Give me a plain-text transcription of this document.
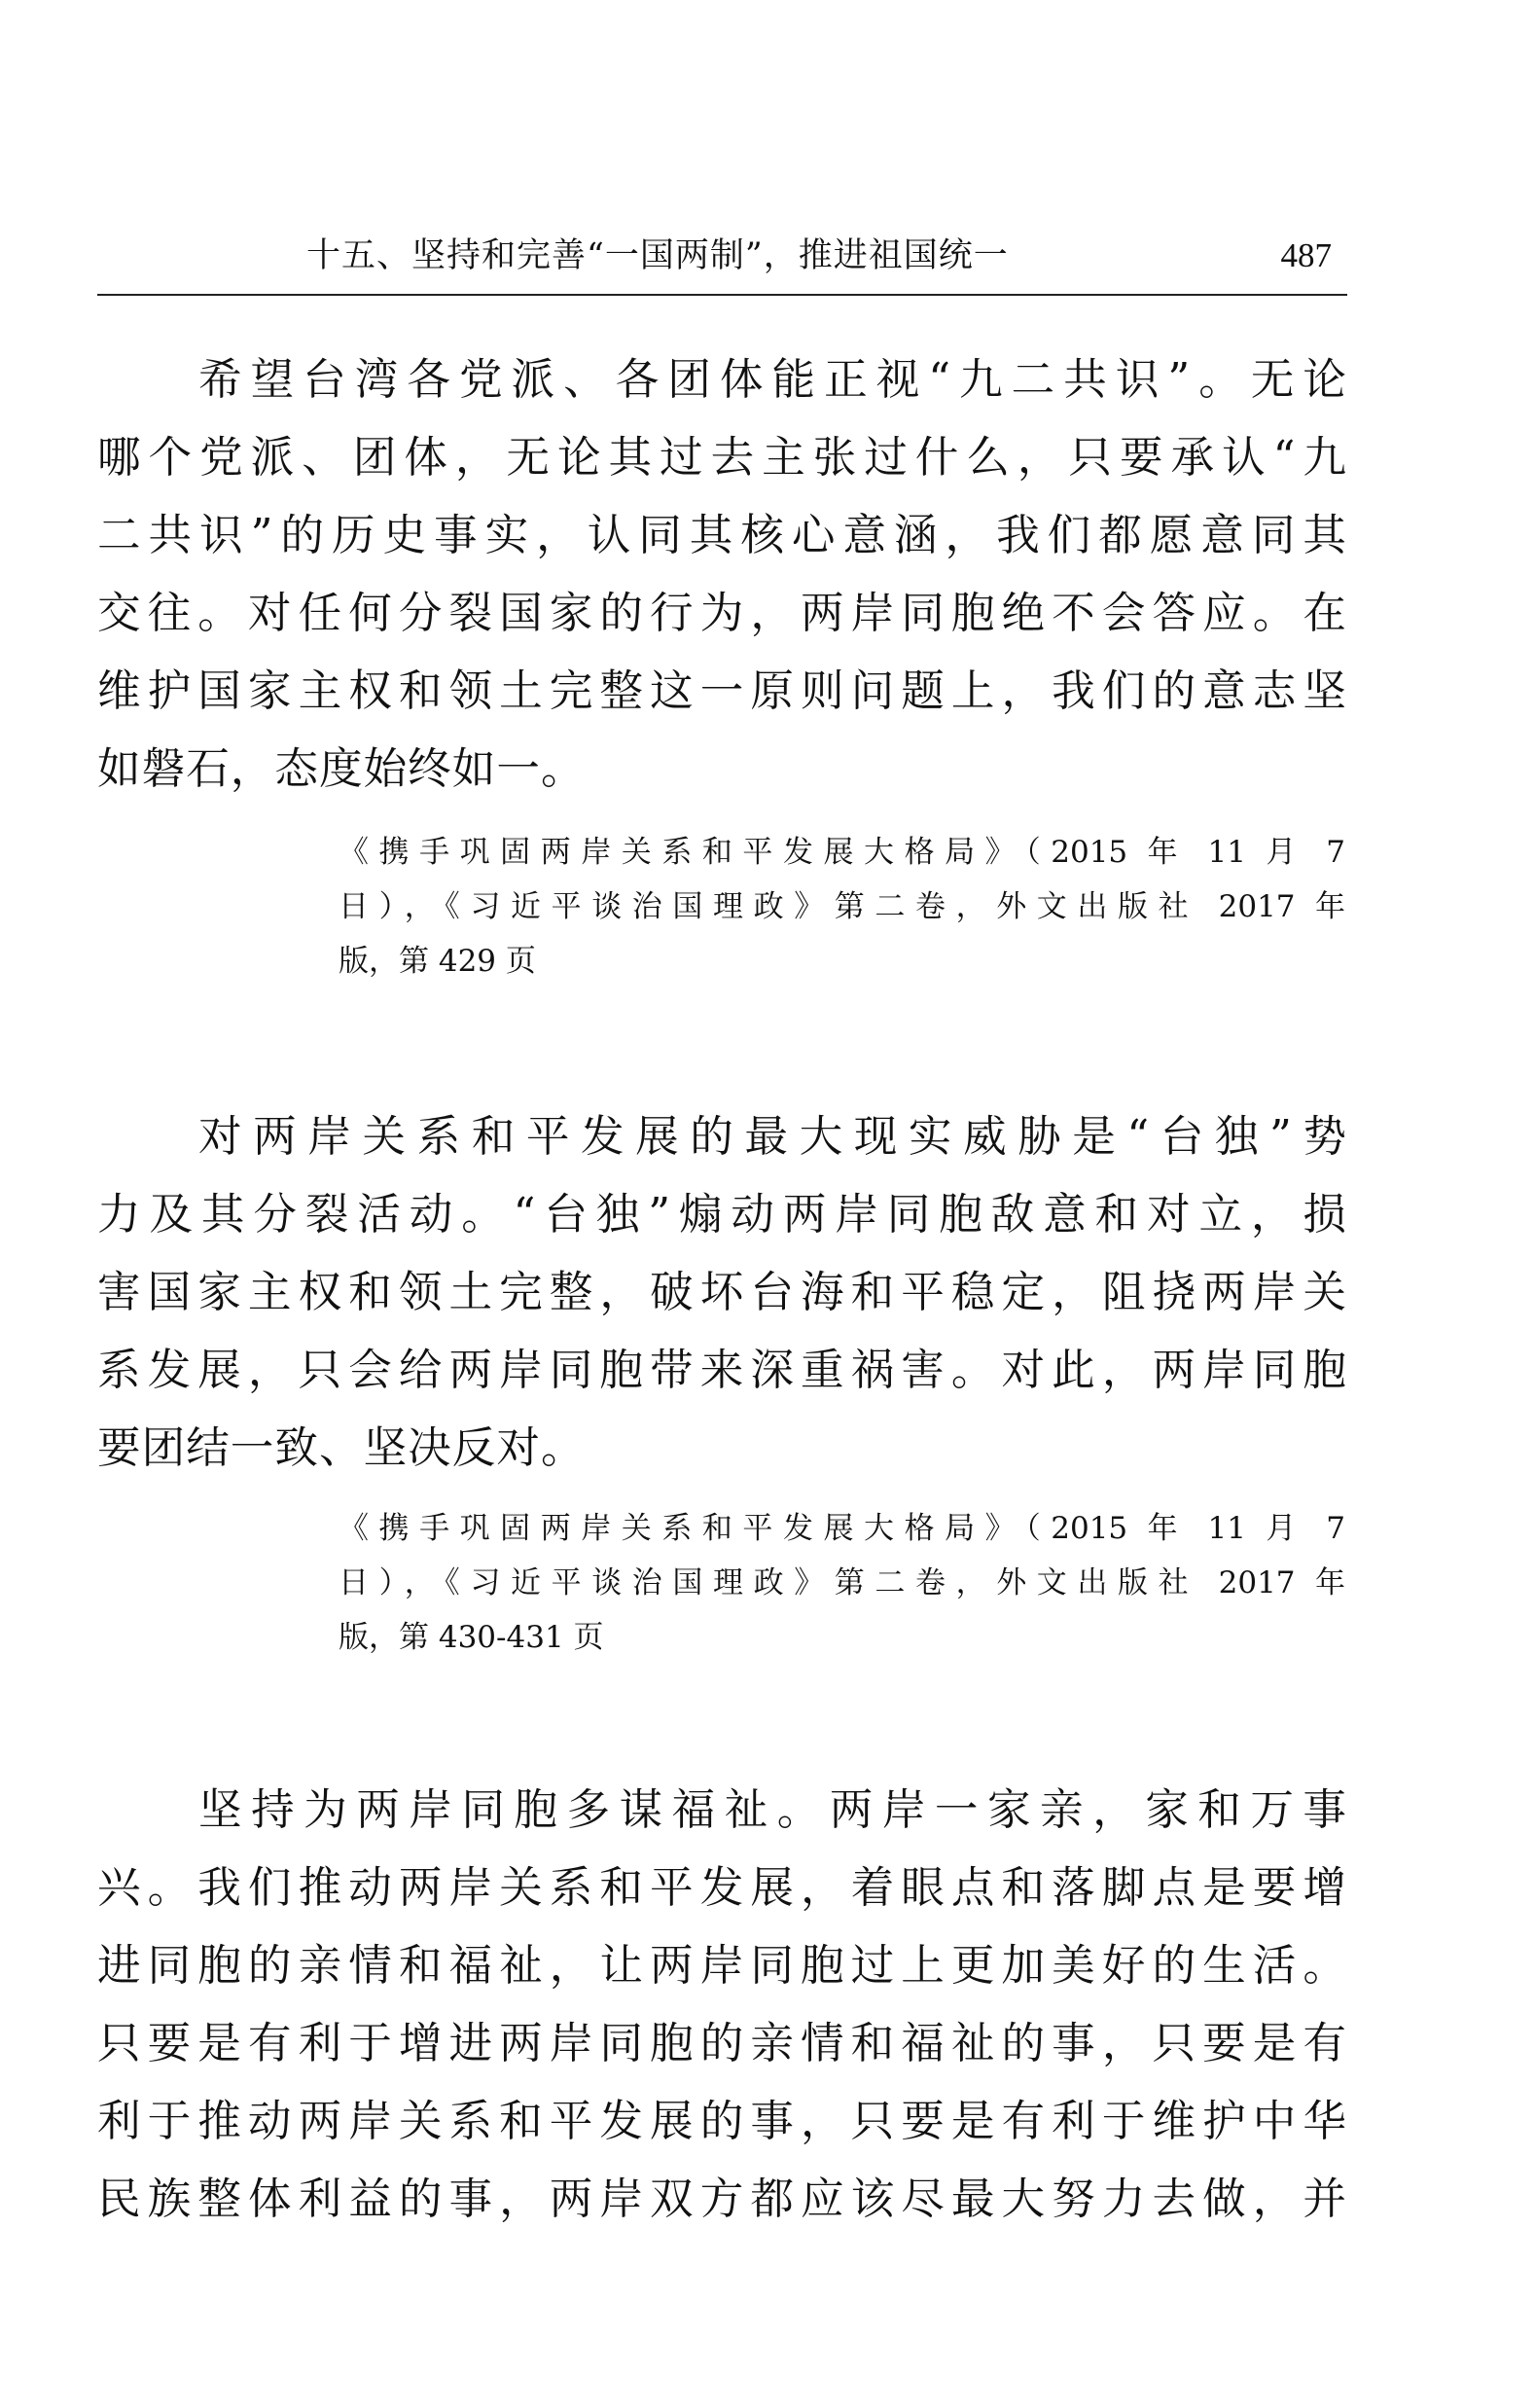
十五、坚持和完善“一国两制”，推进祖国统一	487
希望台湾各党派、各团体能正视“九二共识”。无论
哪个党派、团体，无论其过去主张过什么，只要承认“九
二共识”的历史事实，认同其核心意涵，我们都愿意同其
交往。对任何分裂国家的行为，两岸同胞绝不会答应。在
维护国家主权和领土完整这一原则问题上，我们的意志坚
如磐石，态度始终如一。
《携手巩固两岸关系和平发展大格局》（2015 年 11 月 7
日），《习近平谈治国理政》第二卷，外文出版社 2017 年
版，第 429 页
对两岸关系和平发展的最大现实威胁是“台独”势
力及其分裂活动。“台独”煽动两岸同胞敌意和对立，损
害国家主权和领土完整，破坏台海和平稳定，阻挠两岸关
系发展，只会给两岸同胞带来深重祸害。对此，两岸同胞
要团结一致、坚决反对。
《携手巩固两岸关系和平发展大格局》（2015 年 11 月 7
日），《习近平谈治国理政》第二卷，外文出版社 2017 年
版，第 430-431 页
坚持为两岸同胞多谋福祉。两岸一家亲，家和万事
兴。我们推动两岸关系和平发展，着眼点和落脚点是要增
进同胞的亲情和福祉，让两岸同胞过上更加美好的生活。
只要是有利于增进两岸同胞的亲情和福祉的事，只要是有
利于推动两岸关系和平发展的事，只要是有利于维护中华
民族整体利益的事，两岸双方都应该尽最大努力去做，并
